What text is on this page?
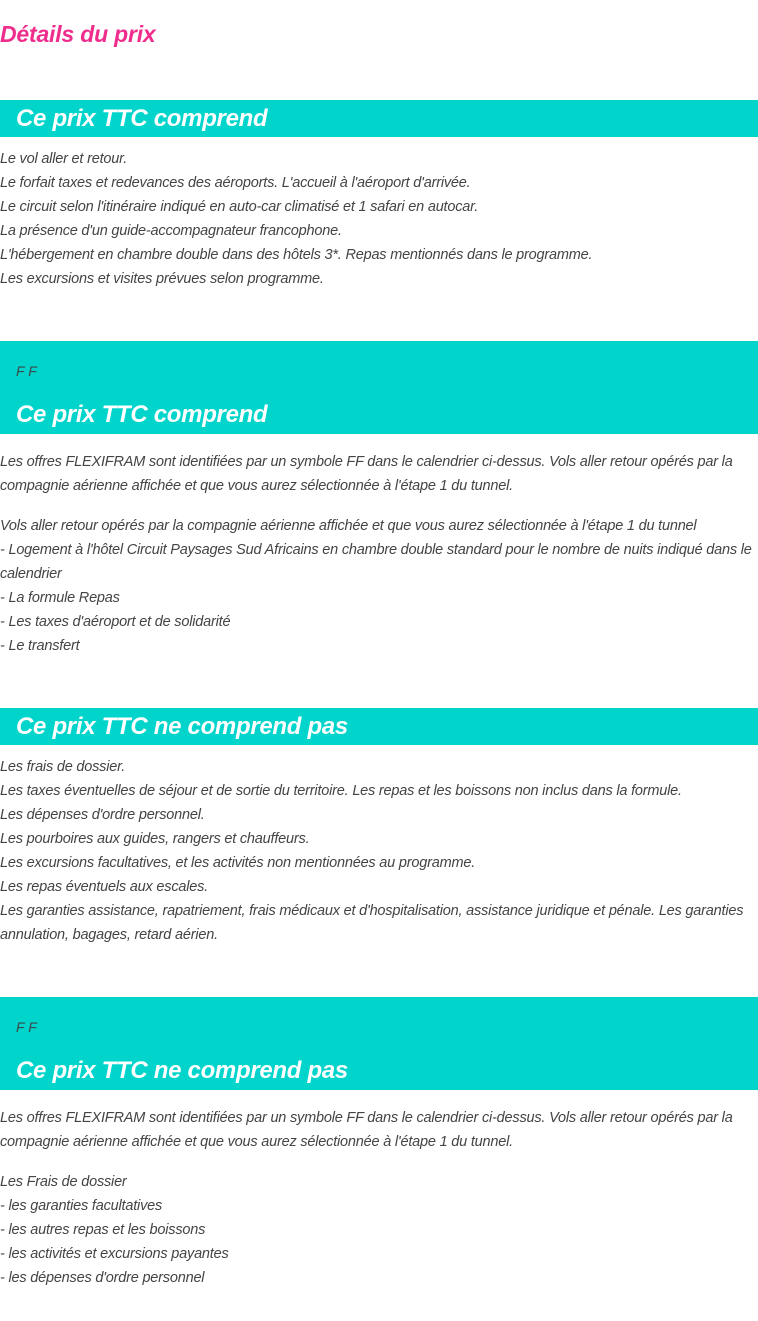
Détails du prix
Ce prix TTC comprend
Le vol aller et retour.
Le forfait taxes et redevances des aéroports. L'accueil à l'aéroport d'arrivée.
Le circuit selon l'itinéraire indiqué en auto-car climatisé et 1 safari en autocar.
La présence d'un guide-accompagnateur francophone.
L'hébergement en chambre double dans des hôtels 3*. Repas mentionnés dans le programme.
Les excursions et visites prévues selon programme.
F F
Ce prix TTC comprend

Les offres FLEXIFRAM sont identifiées par un symbole FF dans le calendrier ci-dessus. Vols aller retour opérés par la compagnie aérienne affichée et que vous aurez sélectionnée à l'étape 1 du tunnel.

Vols aller retour opérés par la compagnie aérienne affichée et que vous aurez sélectionnée à l'étape 1 du tunnel
- Logement à l'hôtel Circuit Paysages Sud Africains en chambre double standard pour le nombre de nuits indiqué dans le calendrier
- La formule Repas
- Les taxes d'aéroport et de solidarité
- Le transfert
Ce prix TTC ne comprend pas
Les frais de dossier.
Les taxes éventuelles de séjour et de sortie du territoire. Les repas et les boissons non inclus dans la formule.
Les dépenses d'ordre personnel.
Les pourboires aux guides, rangers et chauffeurs.
Les excursions facultatives, et les activités non mentionnées au programme.
Les repas éventuels aux escales.
Les garanties assistance, rapatriement, frais médicaux et d'hospitalisation, assistance juridique et pénale. Les garanties annulation, bagages, retard aérien.
F F
Ce prix TTC ne comprend pas

Les offres FLEXIFRAM sont identifiées par un symbole FF dans le calendrier ci-dessus. Vols aller retour opérés par la compagnie aérienne affichée et que vous aurez sélectionnée à l'étape 1 du tunnel.

Les Frais de dossier
- les garanties facultatives
- les autres repas et les boissons
- les activités et excursions payantes
- les dépenses d'ordre personnel
